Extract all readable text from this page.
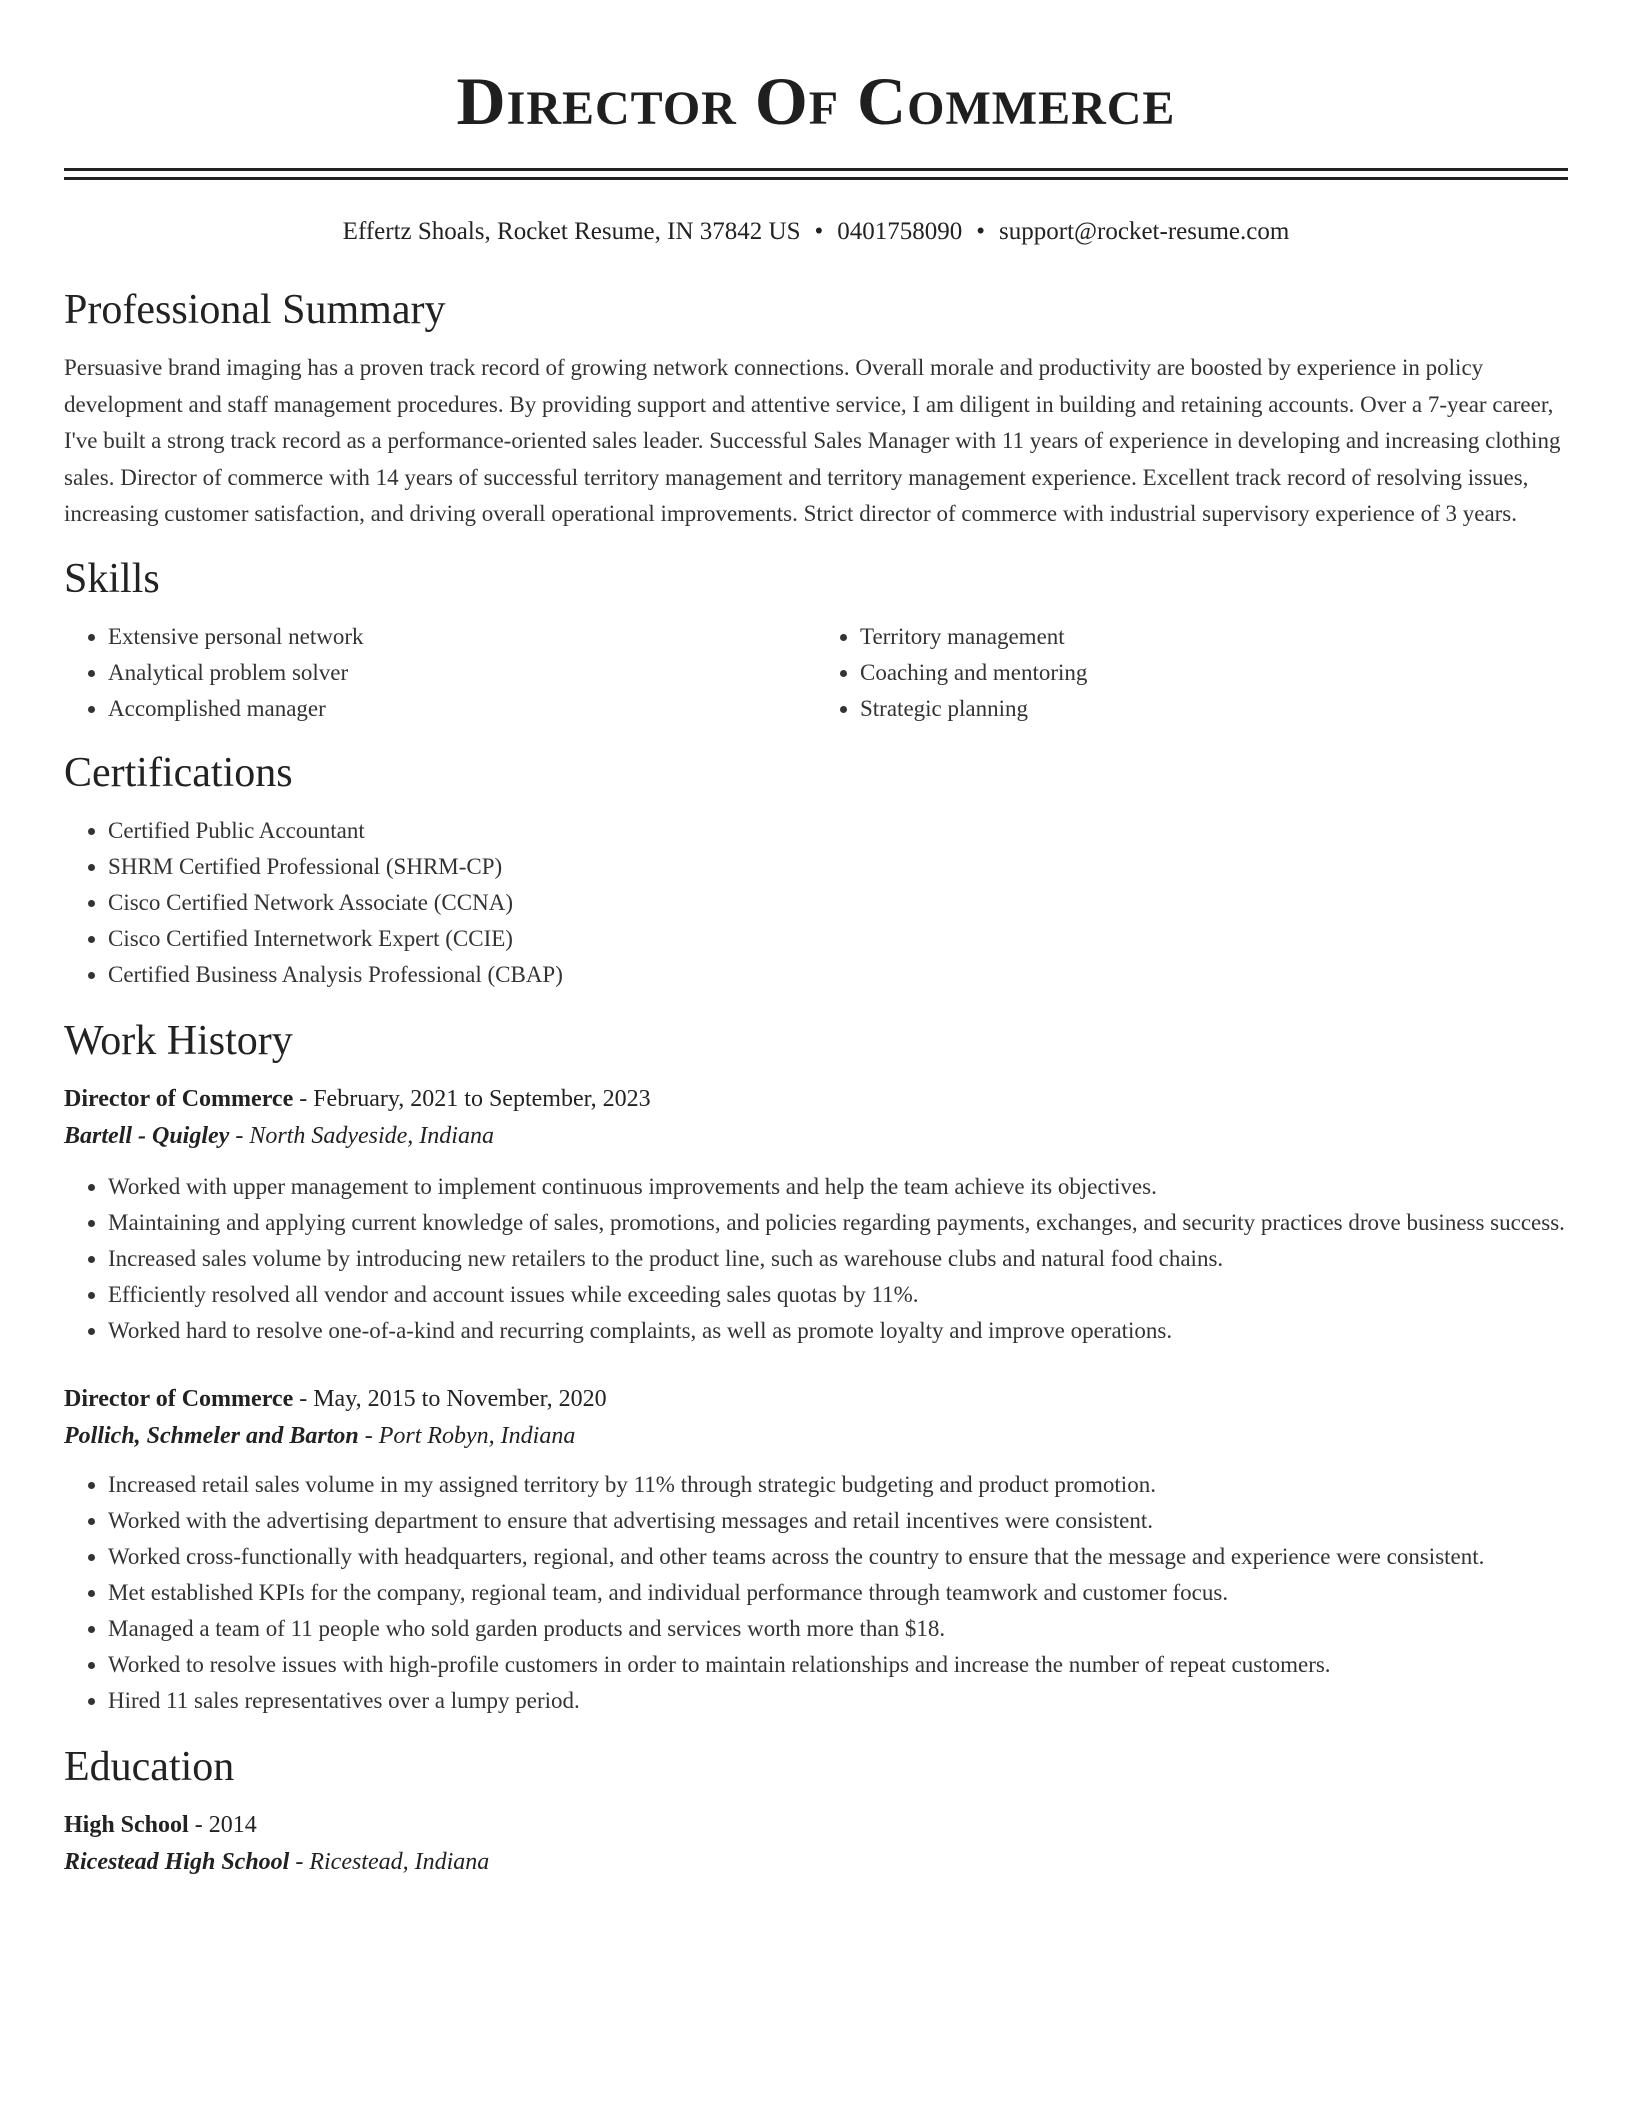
Director Of Commerce
Effertz Shoals, Rocket Resume, IN 37842 US • 0401758090 • support@rocket-resume.com
Professional Summary

Persuasive brand imaging has a proven track record of growing network connections. Overall morale and productivity are boosted by experience in policy development and staff management procedures. By providing support and attentive service, I am diligent in building and retaining accounts. Over a 7-year career, I've built a strong track record as a performance-oriented sales leader. Successful Sales Manager with 11 years of experience in developing and increasing clothing sales. Director of commerce with 14 years of successful territory management and territory management experience. Excellent track record of resolving issues, increasing customer satisfaction, and driving overall operational improvements. Strict director of commerce with industrial supervisory experience of 3 years.

Skills
• Extensive personal network
• Analytical problem solver
• Accomplished manager
• Territory management
• Coaching and mentoring
• Strategic planning
Certifications
• Certified Public Accountant
• SHRM Certified Professional (SHRM-CP)
• Cisco Certified Network Associate (CCNA)
• Cisco Certified Internetwork Expert (CCIE)
• Certified Business Analysis Professional (CBAP)
Work History
Director of Commerce - February, 2021 to September, 2023
Bartell - Quigley - North Sadyeside, Indiana
• Worked with upper management to implement continuous improvements and help the team achieve its objectives.
• Maintaining and applying current knowledge of sales, promotions, and policies regarding payments, exchanges, and security practices drove business success.
• Increased sales volume by introducing new retailers to the product line, such as warehouse clubs and natural food chains.
• Efficiently resolved all vendor and account issues while exceeding sales quotas by 11%.
• Worked hard to resolve one-of-a-kind and recurring complaints, as well as promote loyalty and improve operations.
Director of Commerce - May, 2015 to November, 2020
Pollich, Schmeler and Barton - Port Robyn, Indiana
• Increased retail sales volume in my assigned territory by 11% through strategic budgeting and product promotion.
• Worked with the advertising department to ensure that advertising messages and retail incentives were consistent.
• Worked cross-functionally with headquarters, regional, and other teams across the country to ensure that the message and experience were consistent.
• Met established KPIs for the company, regional team, and individual performance through teamwork and customer focus.
• Managed a team of 11 people who sold garden products and services worth more than $18.
• Worked to resolve issues with high-profile customers in order to maintain relationships and increase the number of repeat customers.
• Hired 11 sales representatives over a lumpy period.
Education
High School - 2014
Ricestead High School - Ricestead, Indiana
